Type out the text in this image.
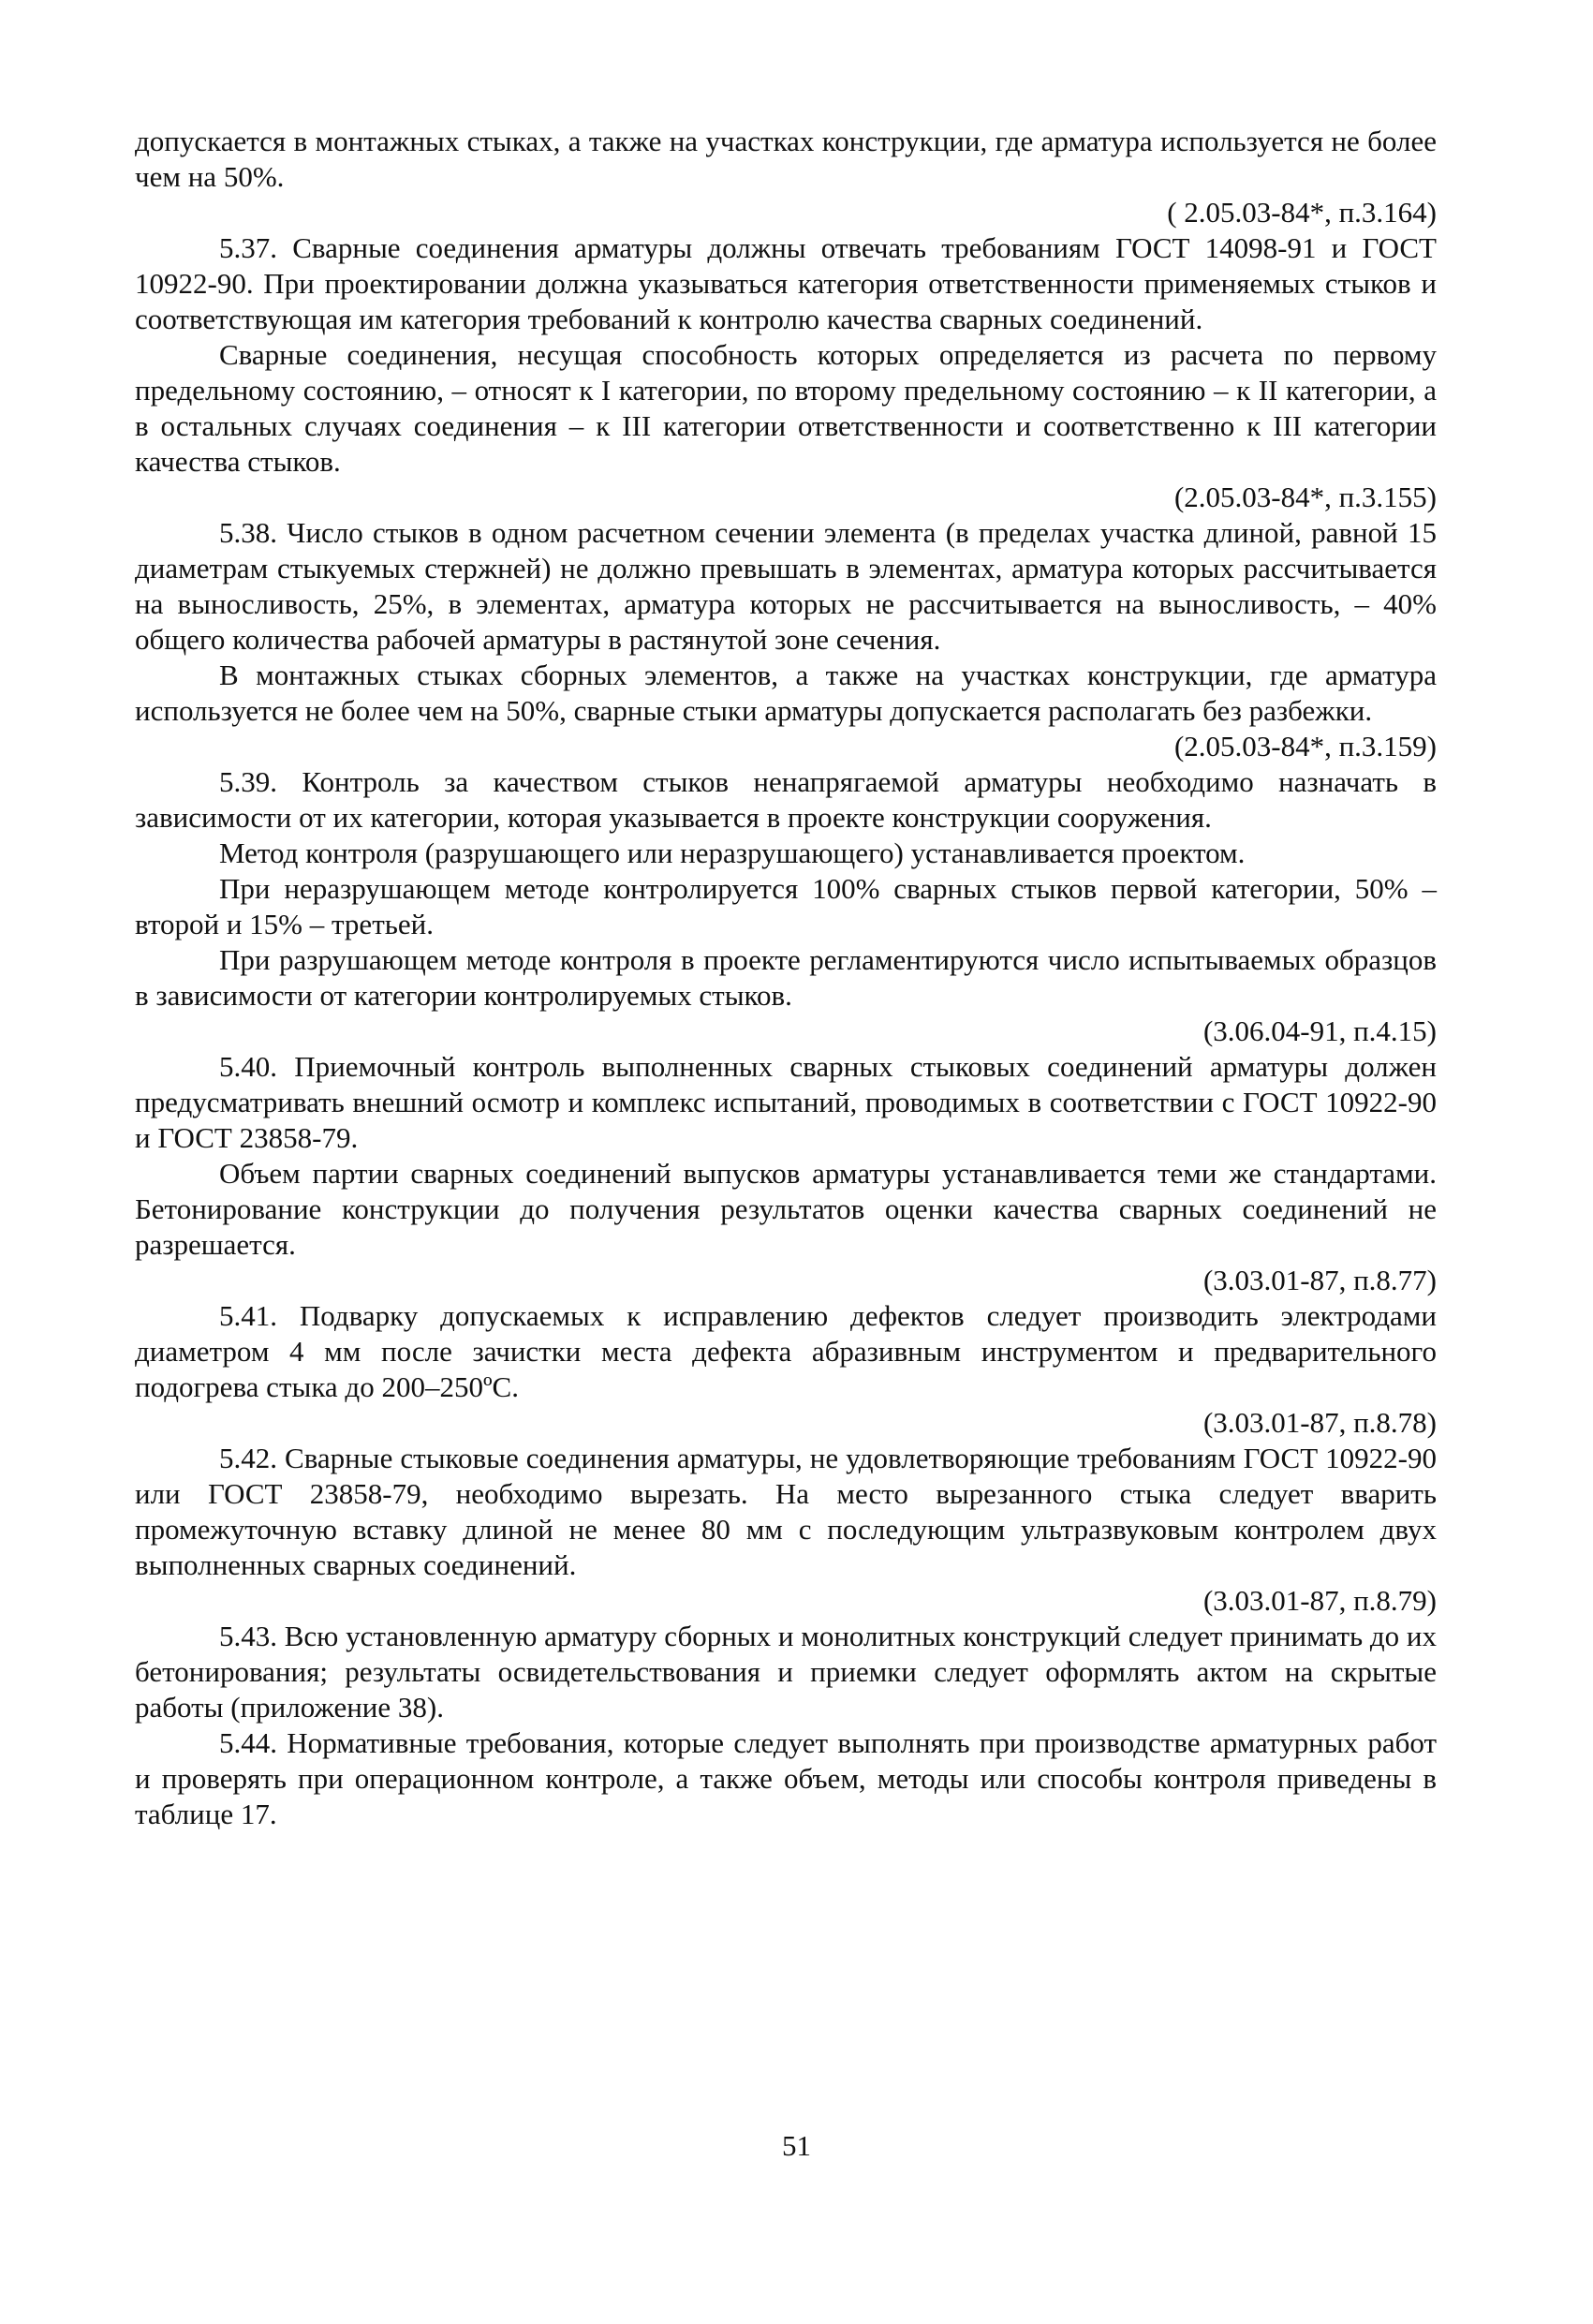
допускается в монтажных стыках, а также на участках конструкции, где арматура используется не более чем на 50%.

( 2.05.03-84*, п.3.164)

5.37. Сварные соединения арматуры должны отвечать требованиям ГОСТ 14098-91 и ГОСТ 10922-90. При проектировании должна указываться категория ответственности применяемых стыков и соответствующая им категория требований к контролю качества сварных соединений.

Сварные соединения, несущая способность которых определяется из расчета по первому предельному состоянию, – относят к I категории, по второму предельному состоянию – к II категории, а в остальных случаях соединения – к III категории ответственности и соответственно к III категории качества стыков.

(2.05.03-84*, п.3.155)

5.38. Число стыков в одном расчетном сечении элемента (в пределах участка длиной, равной 15 диаметрам стыкуемых стержней) не должно превышать в элементах, арматура которых рассчитывается на выносливость, 25%, в элементах, арматура которых не рассчитывается на выносливость, – 40% общего количества рабочей арматуры в растянутой зоне сечения.

В монтажных стыках сборных элементов, а также на участках конструкции, где арматура используется не более чем на 50%, сварные стыки арматуры допускается располагать без разбежки.

(2.05.03-84*, п.3.159)

5.39. Контроль за качеством стыков ненапрягаемой арматуры необходимо назначать в зависимости от их категории, которая указывается в проекте конструкции сооружения.

Метод контроля (разрушающего или неразрушающего) устанавливается проектом.

При неразрушающем методе контролируется 100% сварных стыков первой категории, 50% – второй и 15% – третьей.

При разрушающем методе контроля в проекте регламентируются число испытываемых образцов в зависимости от категории контролируемых стыков.

(3.06.04-91, п.4.15)

5.40. Приемочный контроль выполненных сварных стыковых соединений арматуры должен предусматривать внешний осмотр и комплекс испытаний, проводимых в соответствии с ГОСТ 10922-90 и ГОСТ 23858-79.

Объем партии сварных соединений выпусков арматуры устанавливается теми же стандартами. Бетонирование конструкции до получения результатов оценки качества сварных соединений не разрешается.

(3.03.01-87, п.8.77)

5.41. Подварку допускаемых к исправлению дефектов следует производить электродами диаметром 4 мм после зачистки места дефекта абразивным инструментом и предварительного подогрева стыка до 200–250ºС.

(3.03.01-87, п.8.78)

5.42. Сварные стыковые соединения арматуры, не удовлетворяющие требованиям ГОСТ 10922-90 или ГОСТ 23858-79, необходимо вырезать. На место вырезанного стыка следует вварить промежуточную вставку длиной не менее 80 мм с последующим ультразвуковым контролем двух выполненных сварных соединений.

(3.03.01-87, п.8.79)

5.43. Всю установленную арматуру сборных и монолитных конструкций следует принимать до их бетонирования; результаты освидетельствования и приемки следует оформлять актом на скрытые работы (приложение 38).

5.44. Нормативные требования, которые следует выполнять при производстве арматурных работ и проверять при операционном контроле, а также объем, методы или способы контроля приведены в таблице 17.

51
